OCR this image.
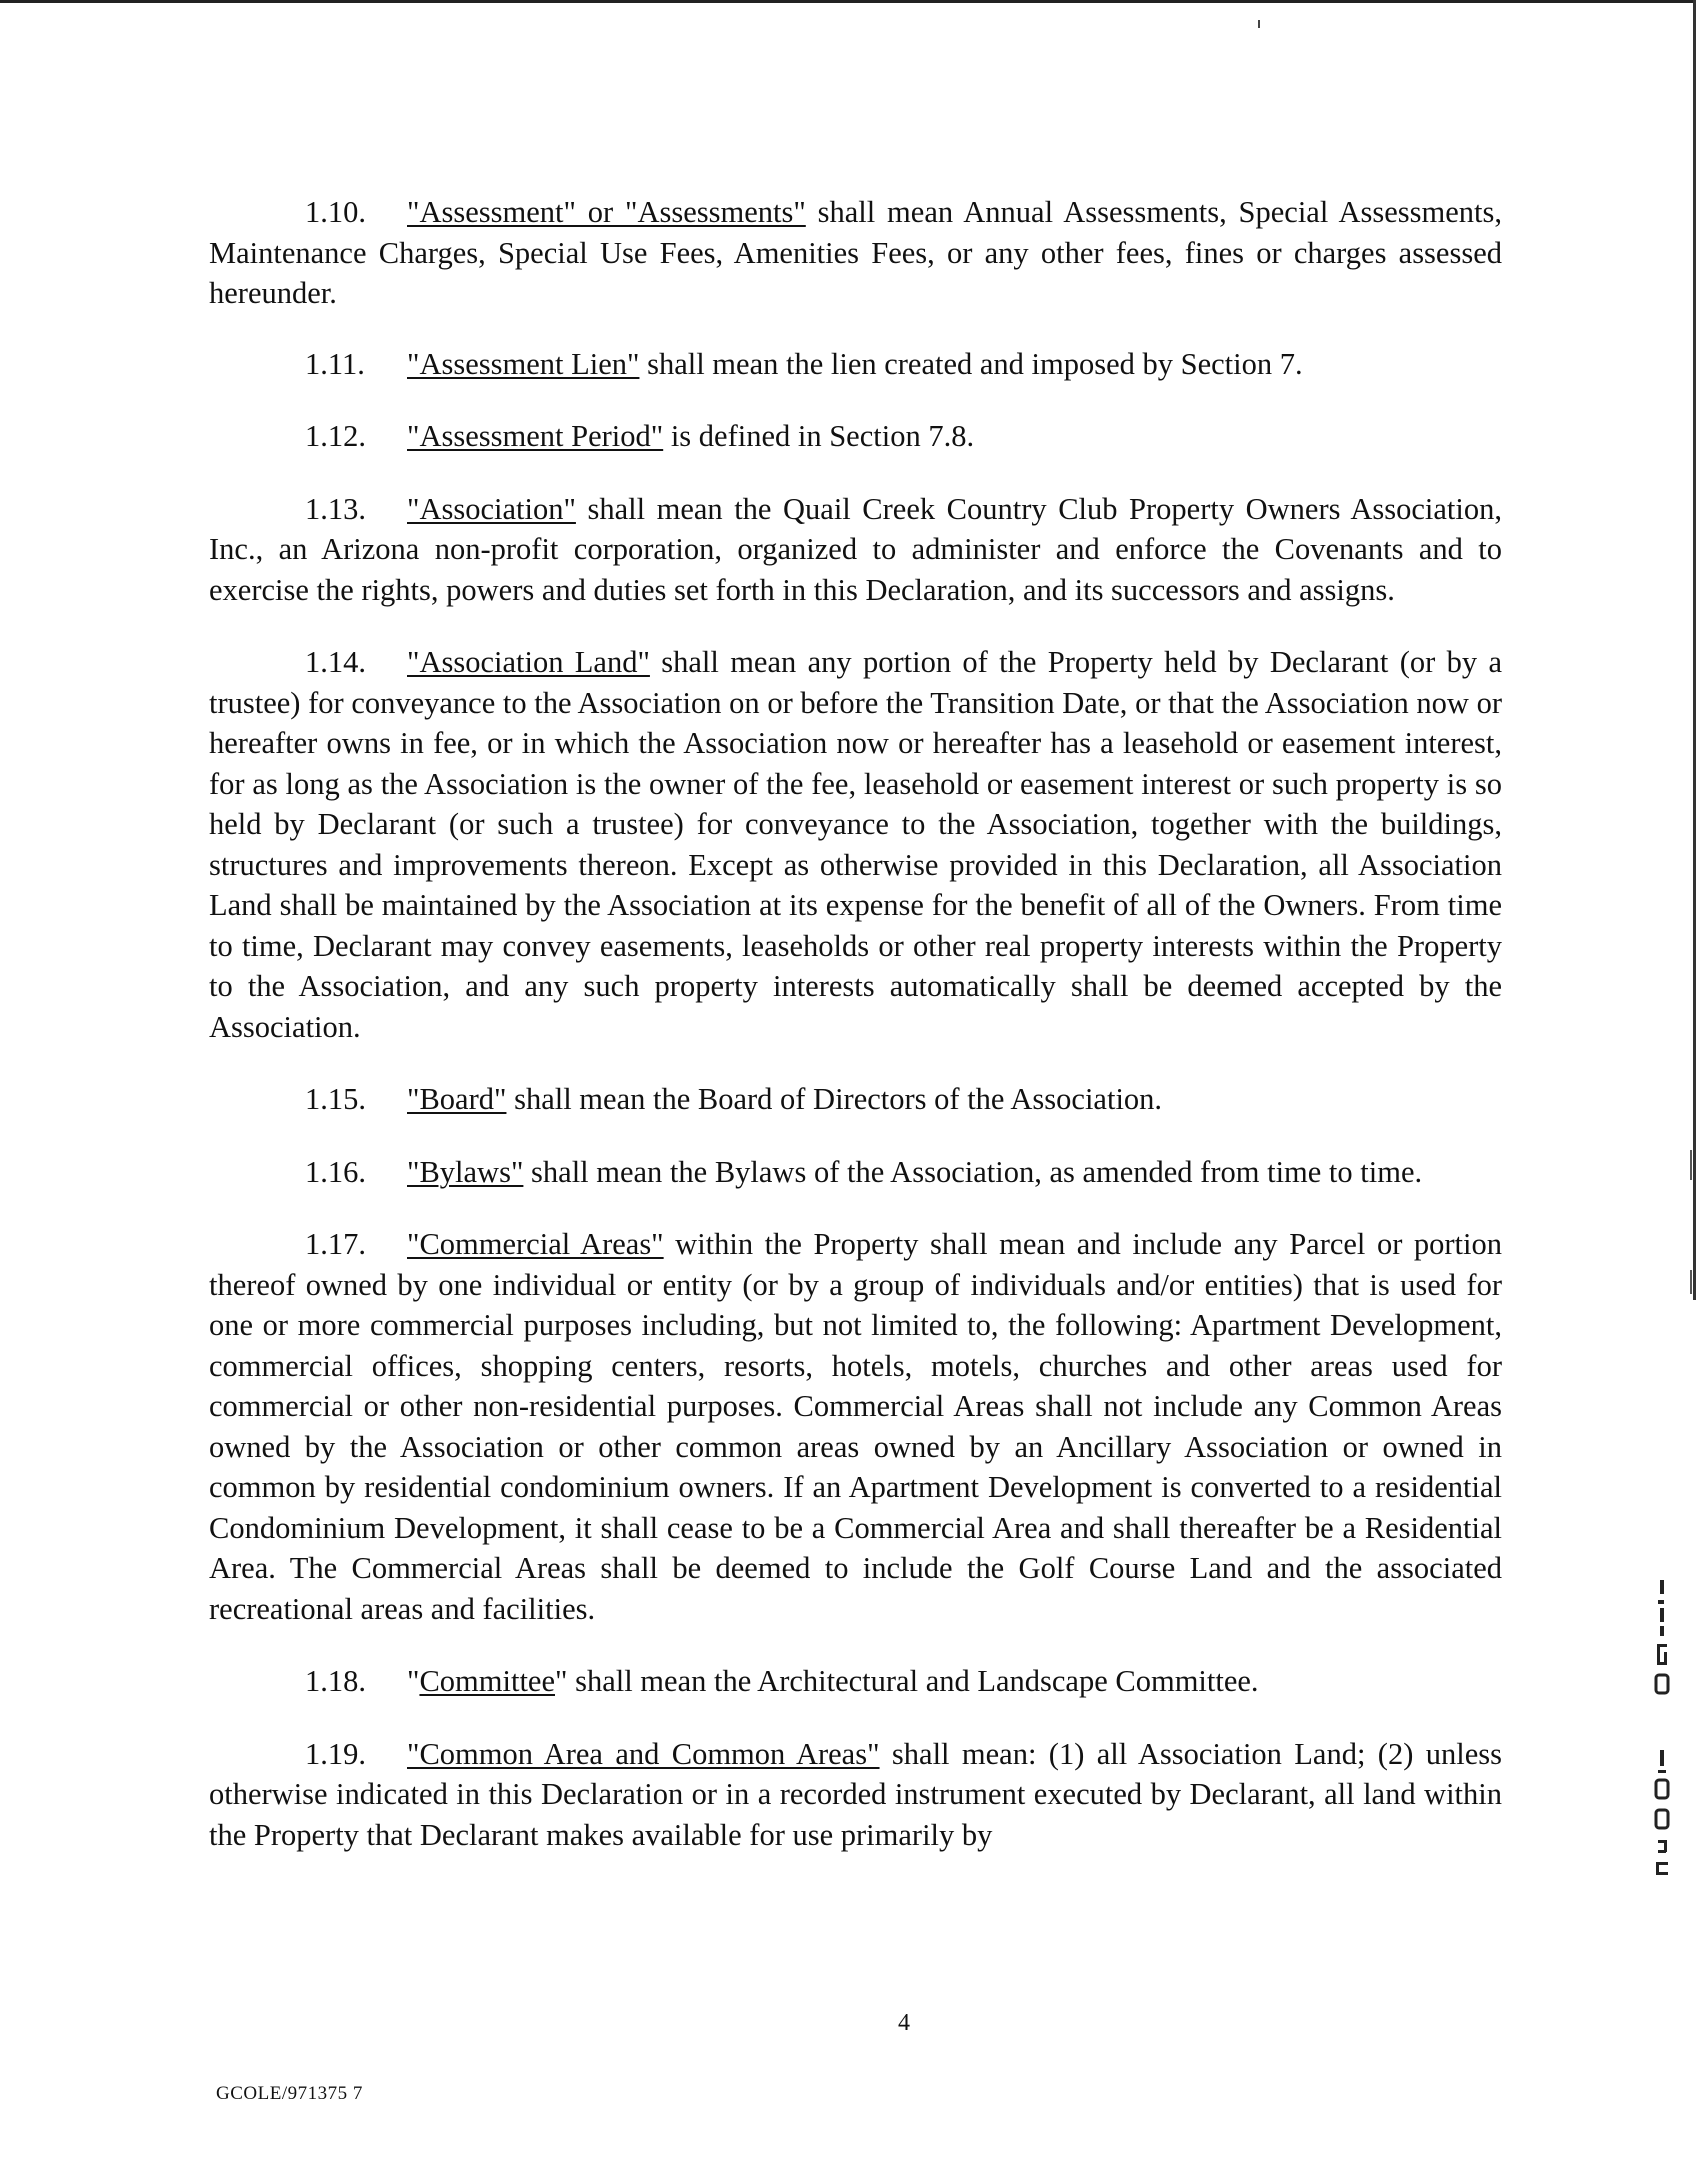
1.10. "Assessment" or "Assessments" shall mean Annual Assessments, Special Assessments, Maintenance Charges, Special Use Fees, Amenities Fees, or any other fees, fines or charges assessed hereunder.

1.11. "Assessment Lien" shall mean the lien created and imposed by Section 7.

1.12. "Assessment Period" is defined in Section 7.8.

1.13. "Association" shall mean the Quail Creek Country Club Property Owners Association, Inc., an Arizona non-profit corporation, organized to administer and enforce the Covenants and to exercise the rights, powers and duties set forth in this Declaration, and its successors and assigns.

1.14. "Association Land" shall mean any portion of the Property held by Declarant (or by a trustee) for conveyance to the Association on or before the Transition Date, or that the Association now or hereafter owns in fee, or in which the Association now or hereafter has a leasehold or easement interest, for as long as the Association is the owner of the fee, leasehold or easement interest or such property is so held by Declarant (or such a trustee) for conveyance to the Association, together with the buildings, structures and improvements thereon. Except as otherwise provided in this Declaration, all Association Land shall be maintained by the Association at its expense for the benefit of all of the Owners. From time to time, Declarant may convey easements, leaseholds or other real property interests within the Property to the Association, and any such property interests automatically shall be deemed accepted by the Association.

1.15. "Board" shall mean the Board of Directors of the Association.

1.16. "Bylaws" shall mean the Bylaws of the Association, as amended from time to time.

1.17. "Commercial Areas" within the Property shall mean and include any Parcel or portion thereof owned by one individual or entity (or by a group of individuals and/or entities) that is used for one or more commercial purposes including, but not limited to, the following: Apartment Development, commercial offices, shopping centers, resorts, hotels, motels, churches and other areas used for commercial or other non-residential purposes. Commercial Areas shall not include any Common Areas owned by the Association or other common areas owned by an Ancillary Association or owned in common by residential condominium owners. If an Apartment Development is converted to a residential Condominium Development, it shall cease to be a Commercial Area and shall thereafter be a Residential Area. The Commercial Areas shall be deemed to include the Golf Course Land and the associated recreational areas and facilities.

1.18. "Committee" shall mean the Architectural and Landscape Committee.

1.19. "Common Area and Common Areas" shall mean: (1) all Association Land; (2) unless otherwise indicated in this Declaration or in a recorded instrument executed by Declarant, all land within the Property that Declarant makes available for use primarily by

4
GCOLE/971375 7
